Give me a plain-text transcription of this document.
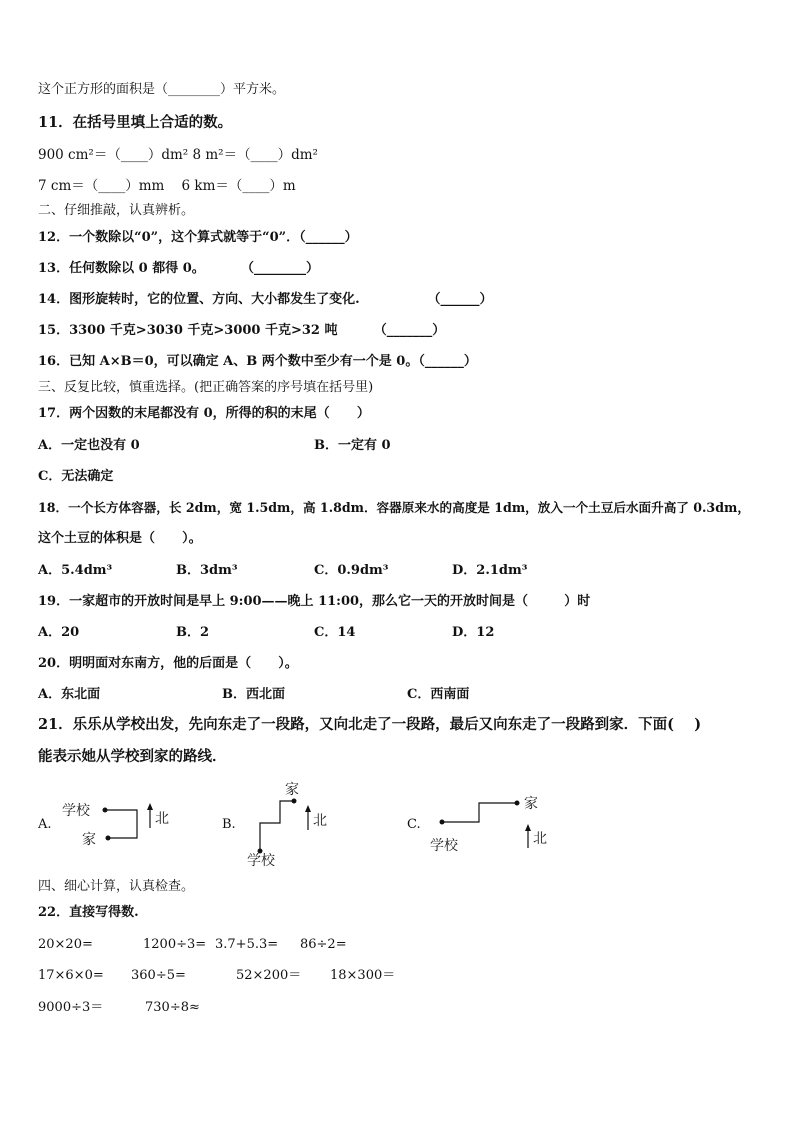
这个正方形的面积是（________）平方米。
11．在括号里填上合适的数。
900 cm²＝（____）dm² 8 m²＝（____）dm²
7 cm＝（____）mm    6 km＝（____）m
二、仔细推敲，认真辨析。
12．一个数除以“0”，这个算式就等于“0”．（______）
13．任何数除以 0 都得 0。        （________）
14．图形旋转时，它的位置、方向、大小都发生了变化.               （______）
15．3300 千克>3030 千克>3000 千克>32 吨        （_______）
16．已知 A×B＝0，可以确定 A、B 两个数中至少有一个是 0。（______）
三、反复比较，慎重选择。(把正确答案的序号填在括号里)
17．两个因数的末尾都没有 0，所得的积的末尾（      ）
A．一定也没有 0	B．一定有 0
C．无法确定
18．一个长方体容器，长 2dm，宽 1.5dm，高 1.8dm．容器原来水的高度是 1dm，放入一个土豆后水面升高了 0.3dm，
这个土豆的体积是（      ）。
A．5.4dm³	B．3dm³	C．0.9dm³	D．2.1dm³
19．一家超市的开放时间是早上 9:00——晚上 11:00，那么它一天的开放时间是（        ）时
A．20	B．2	C．14	D．12
20．明明面对东南方，他的后面是（      ）。
A．东北面	B．西北面	C．西南面
21．乐乐从学校出发，先向东走了一段路，又向北走了一段路，最后又向东走了一段路到家．下面(    )
能表示她从学校到家的路线．
A.
学校
家
北	B.
家
学校
北	C.
家
学校	北
四、细心计算，认真检查。
22．直接写得数.
20×20=	1200÷3= 3.7+5.3= 86÷2=
17×6×0= 360÷5=	52×200＝ 18×300＝
9000÷3＝	730÷8≈
